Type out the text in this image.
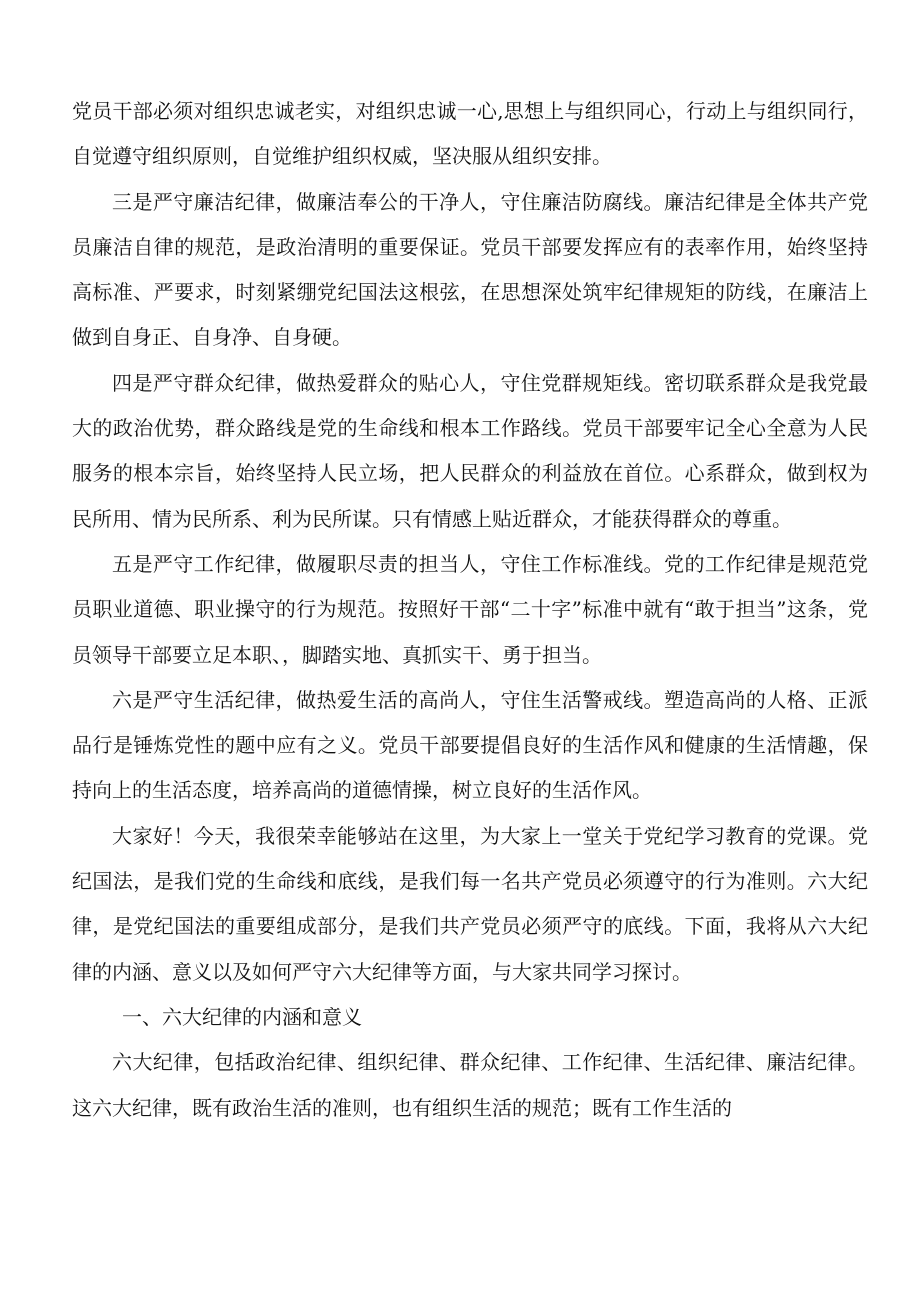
党员干部必须对组织忠诚老实，对组织忠诚一心,思想上与组织同心，行动上与组织同行，自觉遵守组织原则，自觉维护组织权威，坚决服从组织安排。

三是严守廉洁纪律，做廉洁奉公的干净人，守住廉洁防腐线。廉洁纪律是全体共产党员廉洁自律的规范，是政治清明的重要保证。党员干部要发挥应有的表率作用，始终坚持高标准、严要求，时刻紧绷党纪国法这根弦，在思想深处筑牢纪律规矩的防线，在廉洁上做到自身正、自身净、自身硬。

四是严守群众纪律，做热爱群众的贴心人，守住党群规矩线。密切联系群众是我党最大的政治优势，群众路线是党的生命线和根本工作路线。党员干部要牢记全心全意为人民服务的根本宗旨，始终坚持人民立场，把人民群众的利益放在首位。心系群众，做到权为民所用、情为民所系、利为民所谋。只有情感上贴近群众，才能获得群众的尊重。

五是严守工作纪律，做履职尽责的担当人，守住工作标准线。党的工作纪律是规范党员职业道德、职业操守的行为规范。按照好干部“二十字”标准中就有“敢于担当”这条，党员领导干部要立足本职、，脚踏实地、真抓实干、勇于担当。

六是严守生活纪律，做热爱生活的高尚人，守住生活警戒线。塑造高尚的人格、正派品行是锤炼党性的题中应有之义。党员干部要提倡良好的生活作风和健康的生活情趣，保持向上的生活态度，培养高尚的道德情操，树立良好的生活作风。

大家好！今天，我很荣幸能够站在这里，为大家上一堂关于党纪学习教育的党课。党纪国法，是我们党的生命线和底线，是我们每一名共产党员必须遵守的行为准则。六大纪律，是党纪国法的重要组成部分，是我们共产党员必须严守的底线。下面，我将从六大纪律的内涵、意义以及如何严守六大纪律等方面，与大家共同学习探讨。

一、六大纪律的内涵和意义

六大纪律，包括政治纪律、组织纪律、群众纪律、工作纪律、生活纪律、廉洁纪律。这六大纪律，既有政治生活的准则，也有组织生活的规范；既有工作生活的
